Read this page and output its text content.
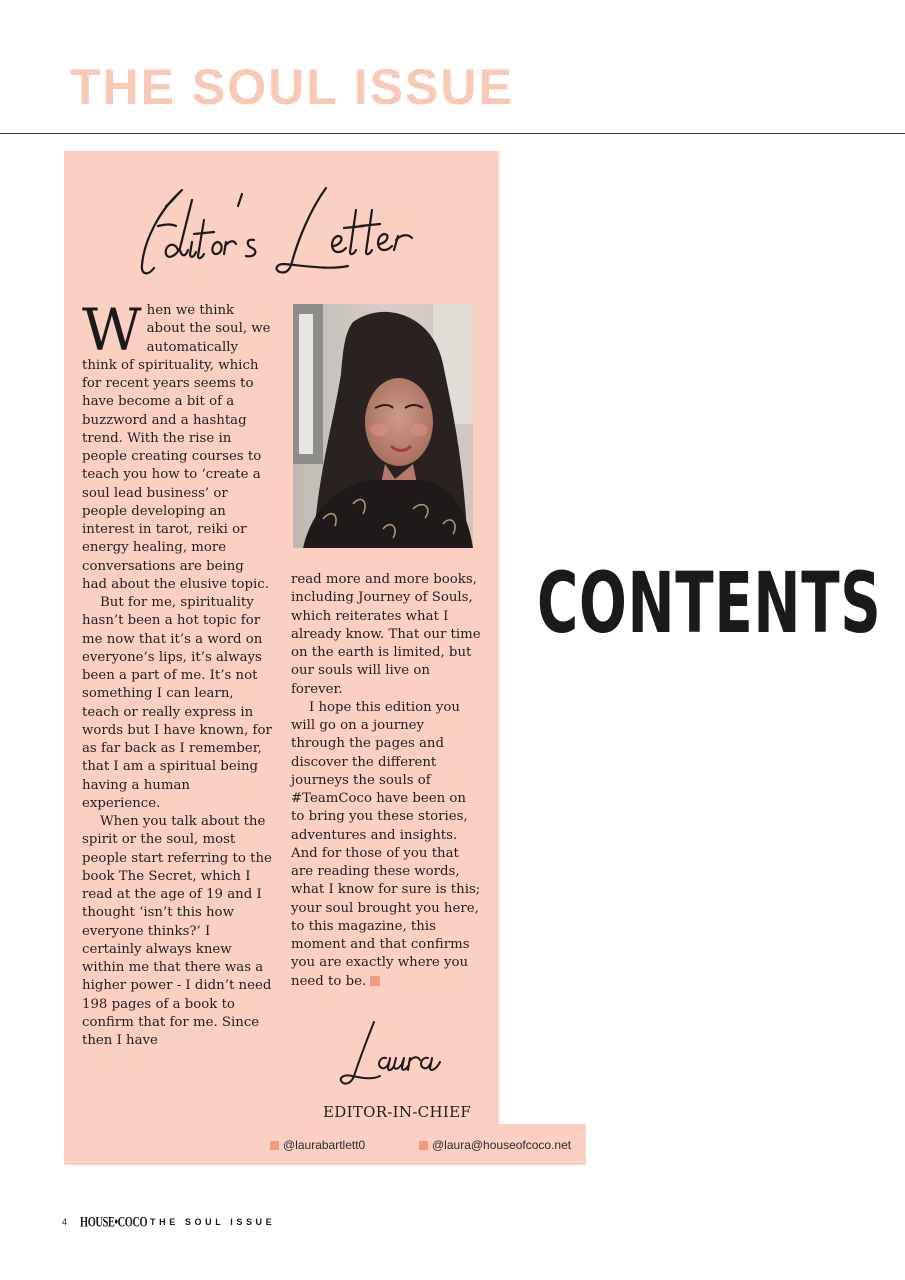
THE SOUL ISSUE

When we think about the soul, we automatically think of spirituality, which for recent years seems to have become a bit of a buzzword and a hashtag trend. With the rise in people creating courses to teach you how to ‘create a soul lead business’ or people developing an interest in tarot, reiki or energy healing, more conversations are being had about the elusive topic.

But for me, spirituality hasn’t been a hot topic for me now that it’s a word on everyone’s lips, it’s always been a part of me. It’s not something I can learn, teach or really express in words but I have known, for as far back as I remember, that I am a spiritual being having a human experience.

When you talk about the spirit or the soul, most people start referring to the book The Secret, which I read at the age of 19 and I thought ‘isn’t this how everyone thinks?’ I certainly always knew within me that there was a higher power - I didn’t need 198 pages of a book to confirm that for me. Since then I have

read more and more books, including Journey of Souls, which reiterates what I already know. That our time on the earth is limited, but our souls will live on forever.

I hope this edition you will go on a journey through the pages and discover the different journeys the souls of #TeamCoco have been on to bring you these stories, adventures and insights. And for those of you that are reading these words, what I know for sure is this; your soul brought you here, to this magazine, this moment and that confirms you are exactly where you need to be.

EDITOR-IN-CHIEF
@laurabartlett0	@laura@houseofcoco.net
CONTENTS
4 HOUSE•COCO THE SOUL ISSUE
